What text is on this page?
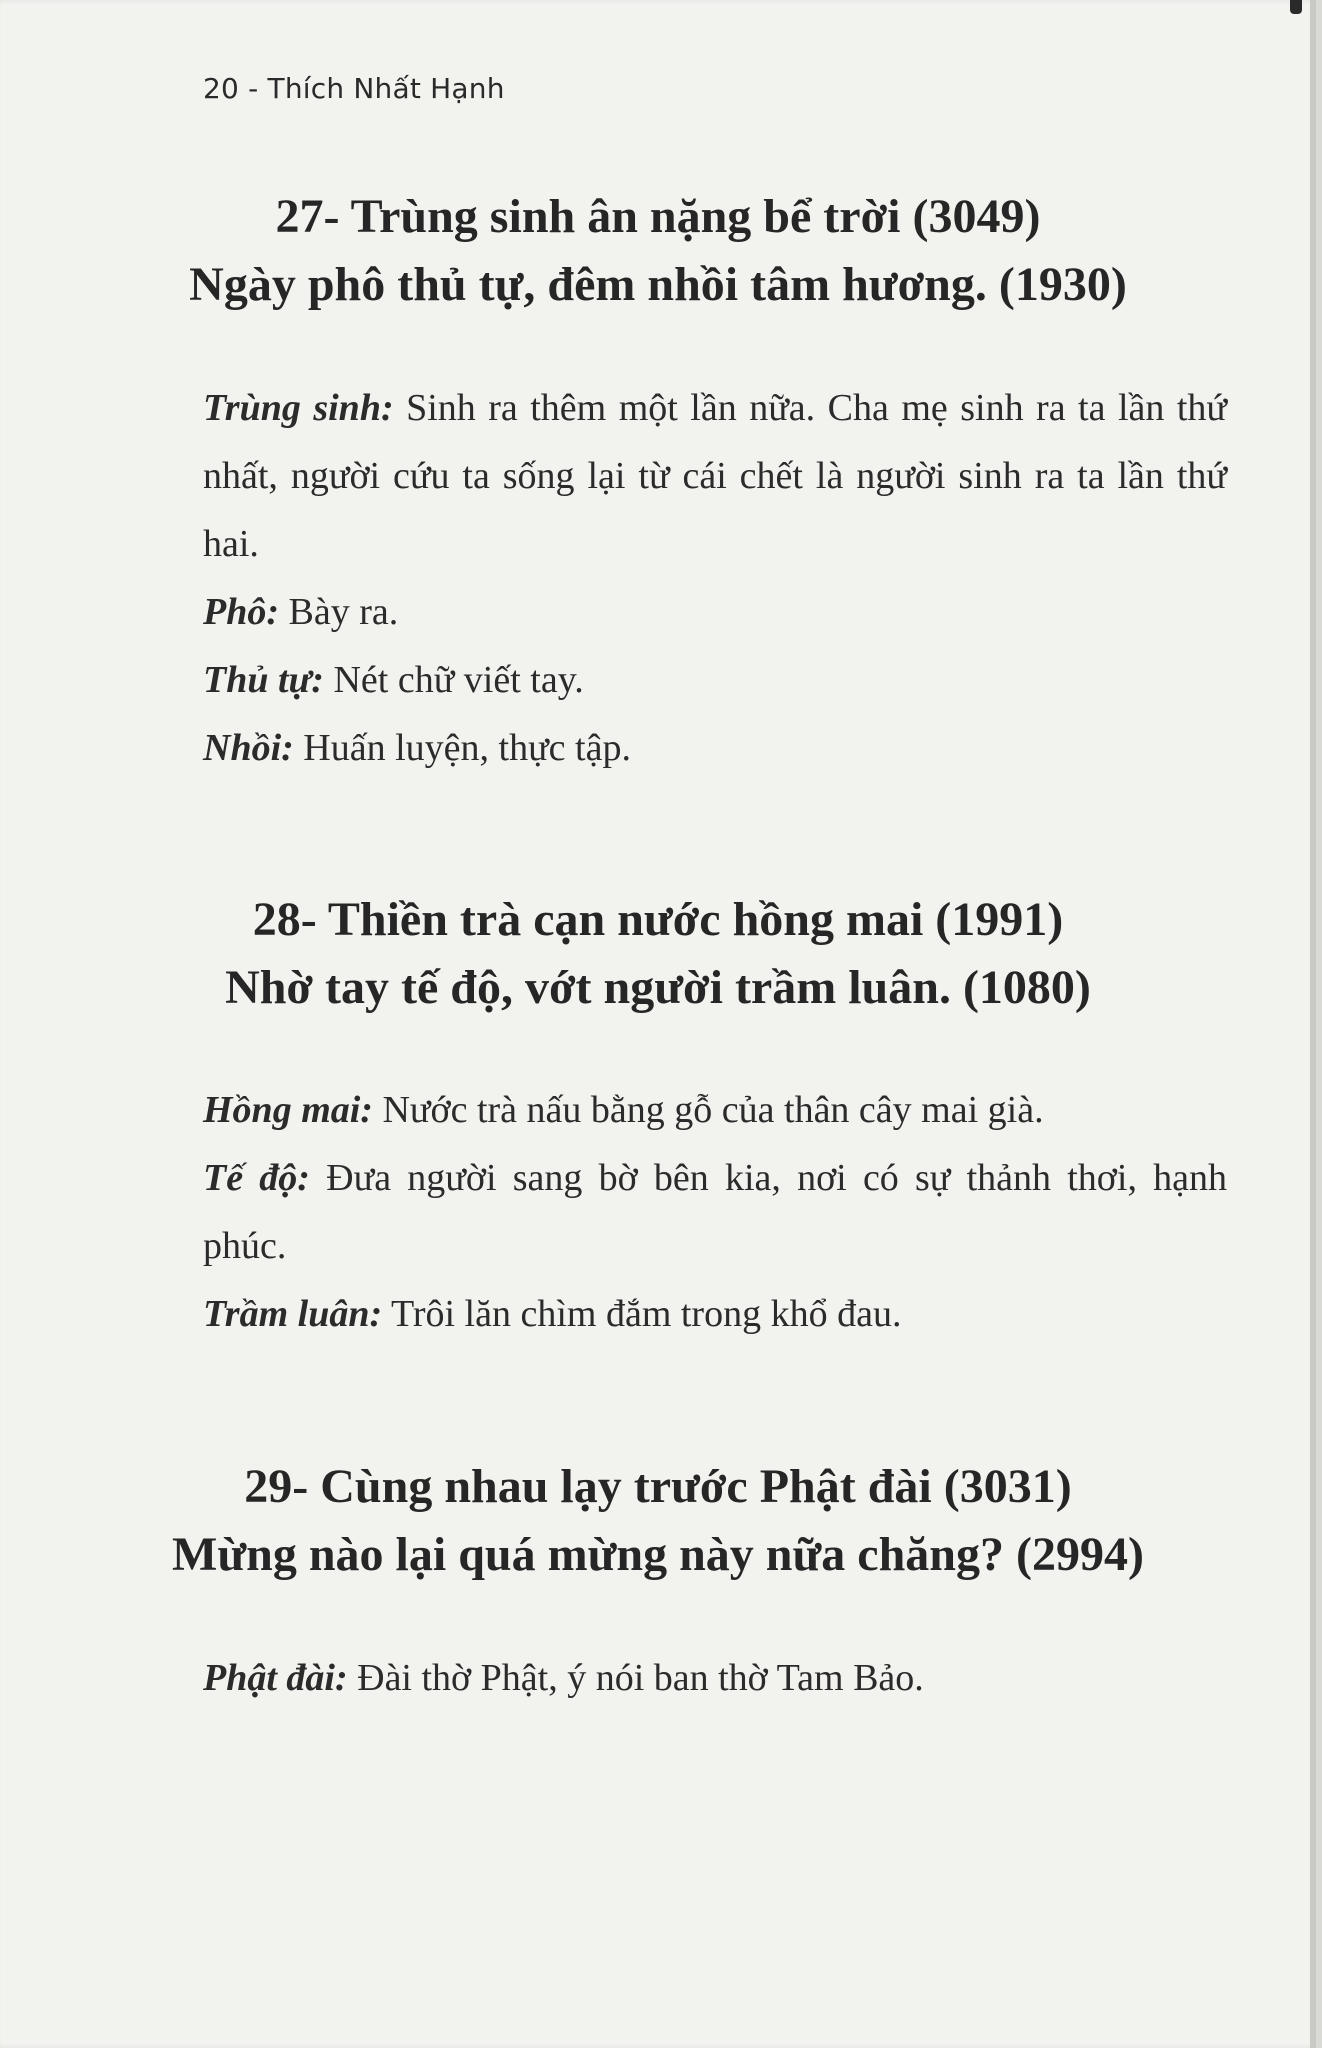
20 - Thích Nhất Hạnh
27- Trùng sinh ân nặng bể trời (3049)
Ngày phô thủ tự, đêm nhồi tâm hương. (1930)

Trùng sinh: Sinh ra thêm một lần nữa. Cha mẹ sinh ra ta lần thứ nhất, người cứu ta sống lại từ cái chết là người sinh ra ta lần thứ hai.

Phô: Bày ra.

Thủ tự: Nét chữ viết tay.

Nhồi: Huấn luyện, thực tập.

28- Thiền trà cạn nước hồng mai (1991)
Nhờ tay tế độ, vớt người trầm luân. (1080)

Hồng mai: Nước trà nấu bằng gỗ của thân cây mai già.

Tế độ: Đưa người sang bờ bên kia, nơi có sự thảnh thơi, hạnh phúc.

Trầm luân: Trôi lăn chìm đắm trong khổ đau.

29- Cùng nhau lạy trước Phật đài (3031)
Mừng nào lại quá mừng này nữa chăng? (2994)

Phật đài: Đài thờ Phật, ý nói ban thờ Tam Bảo.
